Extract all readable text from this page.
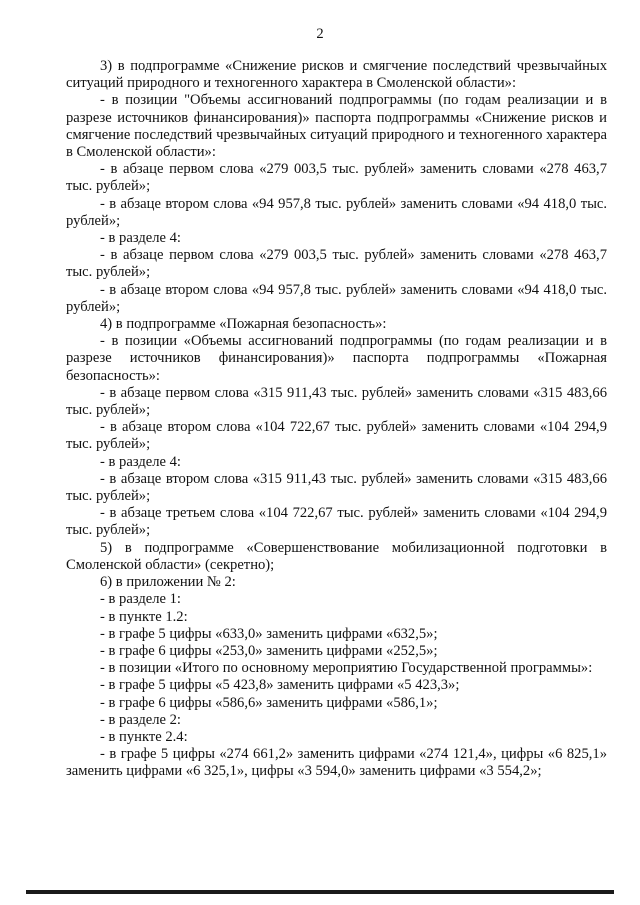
2

3) в подпрограмме «Снижение рисков и смягчение последствий чрезвычайных ситуаций природного и техногенного характера в Смоленской области»:

- в позиции "Объемы ассигнований подпрограммы (по годам реализации и в разрезе источников финансирования)» паспорта подпрограммы «Снижение рисков и смягчение последствий чрезвычайных ситуаций природного и техногенного характера в Смоленской области»:

- в абзаце первом слова «279 003,5 тыс. рублей» заменить словами «278 463,7 тыс. рублей»;

- в абзаце втором слова «94 957,8 тыс. рублей» заменить словами «94 418,0 тыс. рублей»;

- в разделе 4:

- в абзаце первом слова «279 003,5 тыс. рублей» заменить словами «278 463,7 тыс. рублей»;

- в абзаце втором слова «94 957,8 тыс. рублей» заменить словами «94 418,0 тыс. рублей»;

4) в подпрограмме «Пожарная безопасность»:

- в позиции «Объемы ассигнований подпрограммы (по годам реализации и в разрезе источников финансирования)» паспорта подпрограммы «Пожарная безопасность»:

- в абзаце первом слова «315 911,43 тыс. рублей» заменить словами «315 483,66 тыс. рублей»;

- в абзаце втором слова «104 722,67 тыс. рублей» заменить словами «104 294,9 тыс. рублей»;

- в разделе 4:

- в абзаце втором слова «315 911,43 тыс. рублей» заменить словами «315 483,66 тыс. рублей»;

- в абзаце третьем слова «104 722,67 тыс. рублей» заменить словами «104 294,9 тыс. рублей»;

5) в подпрограмме «Совершенствование мобилизационной подготовки в Смоленской области» (секретно);

6) в приложении № 2:

- в разделе 1:

- в пункте 1.2:

- в графе 5 цифры «633,0» заменить цифрами «632,5»;

- в графе 6 цифры «253,0» заменить цифрами «252,5»;

- в позиции «Итого по основному мероприятию Государственной программы»:

- в графе 5 цифры «5 423,8» заменить цифрами «5 423,3»;

- в графе 6 цифры «586,6» заменить цифрами «586,1»;

- в разделе 2:

- в пункте 2.4:

- в графе 5 цифры «274 661,2» заменить цифрами «274 121,4», цифры «6 825,1» заменить цифрами «6 325,1», цифры «3 594,0» заменить цифрами «3 554,2»;
